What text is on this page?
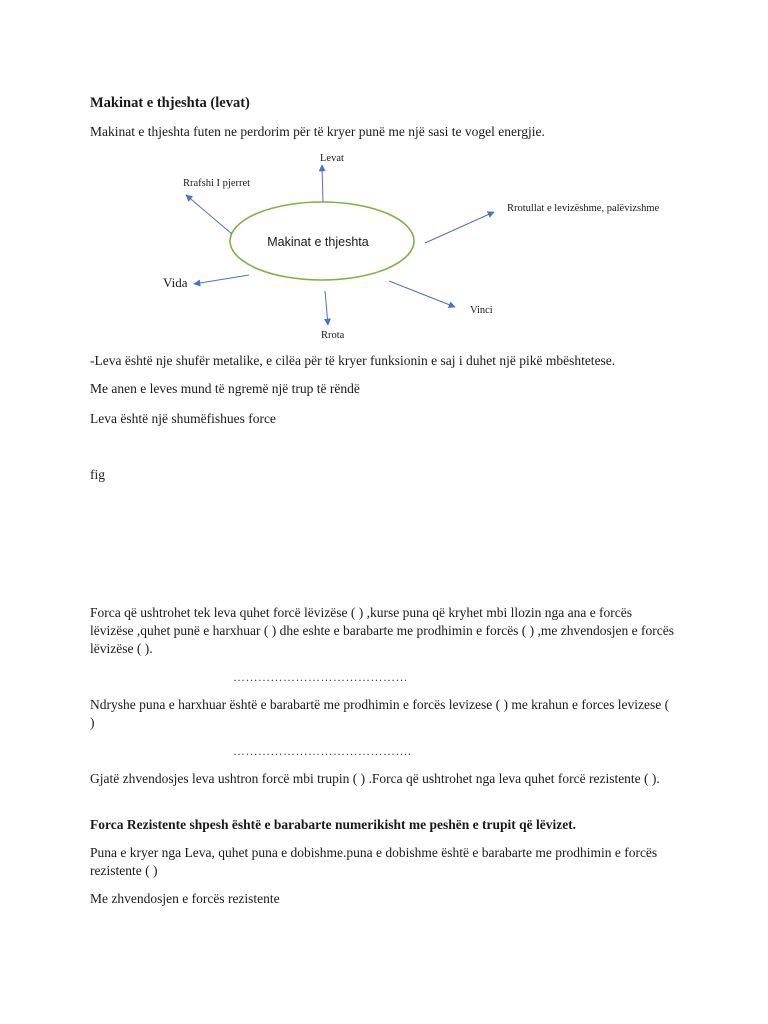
Makinat e thjeshta (levat)
Makinat e thjeshta futen ne perdorim për të kryer punë me një sasi te vogel energjie.
Makinat e thjeshta
Levat
Rrafshi I pjerret
Rrotullat e levizëshme, palëvizshme
Vida
Vinci
Rrota
-Leva është nje shufër metalike, e cilëa për të kryer funksionin e saj i duhet një pikë mbështetese.
Me anen e leves mund të ngremë një trup të rëndë
Leva është një shumëfishues force
fig
Forca që ushtrohet tek leva quhet forcë lëvizëse ( ) ,kurse puna që kryhet mbi llozin nga ana e forcës lëvizëse ,quhet punë e harxhuar ( ) dhe eshte e barabarte me prodhimin e forcës ( ) ,me zhvendosjen e forcës lëvizëse ( ).
……………………………………
Ndryshe puna e harxhuar është e barabartë me prodhimin e forcës levizese ( ) me krahun e forces levizese ( )
…………………………………….
Gjatë zhvendosjes leva ushtron forcë mbi trupin ( ) .Forca që ushtrohet nga leva quhet forcë rezistente ( ).
Forca Rezistente shpesh është e barabarte numerikisht me peshën e trupit që lëvizet.
Puna e kryer nga Leva, quhet puna e dobishme.puna e dobishme është e barabarte me prodhimin e forcës rezistente ( )
Me zhvendosjen e forcës rezistente
